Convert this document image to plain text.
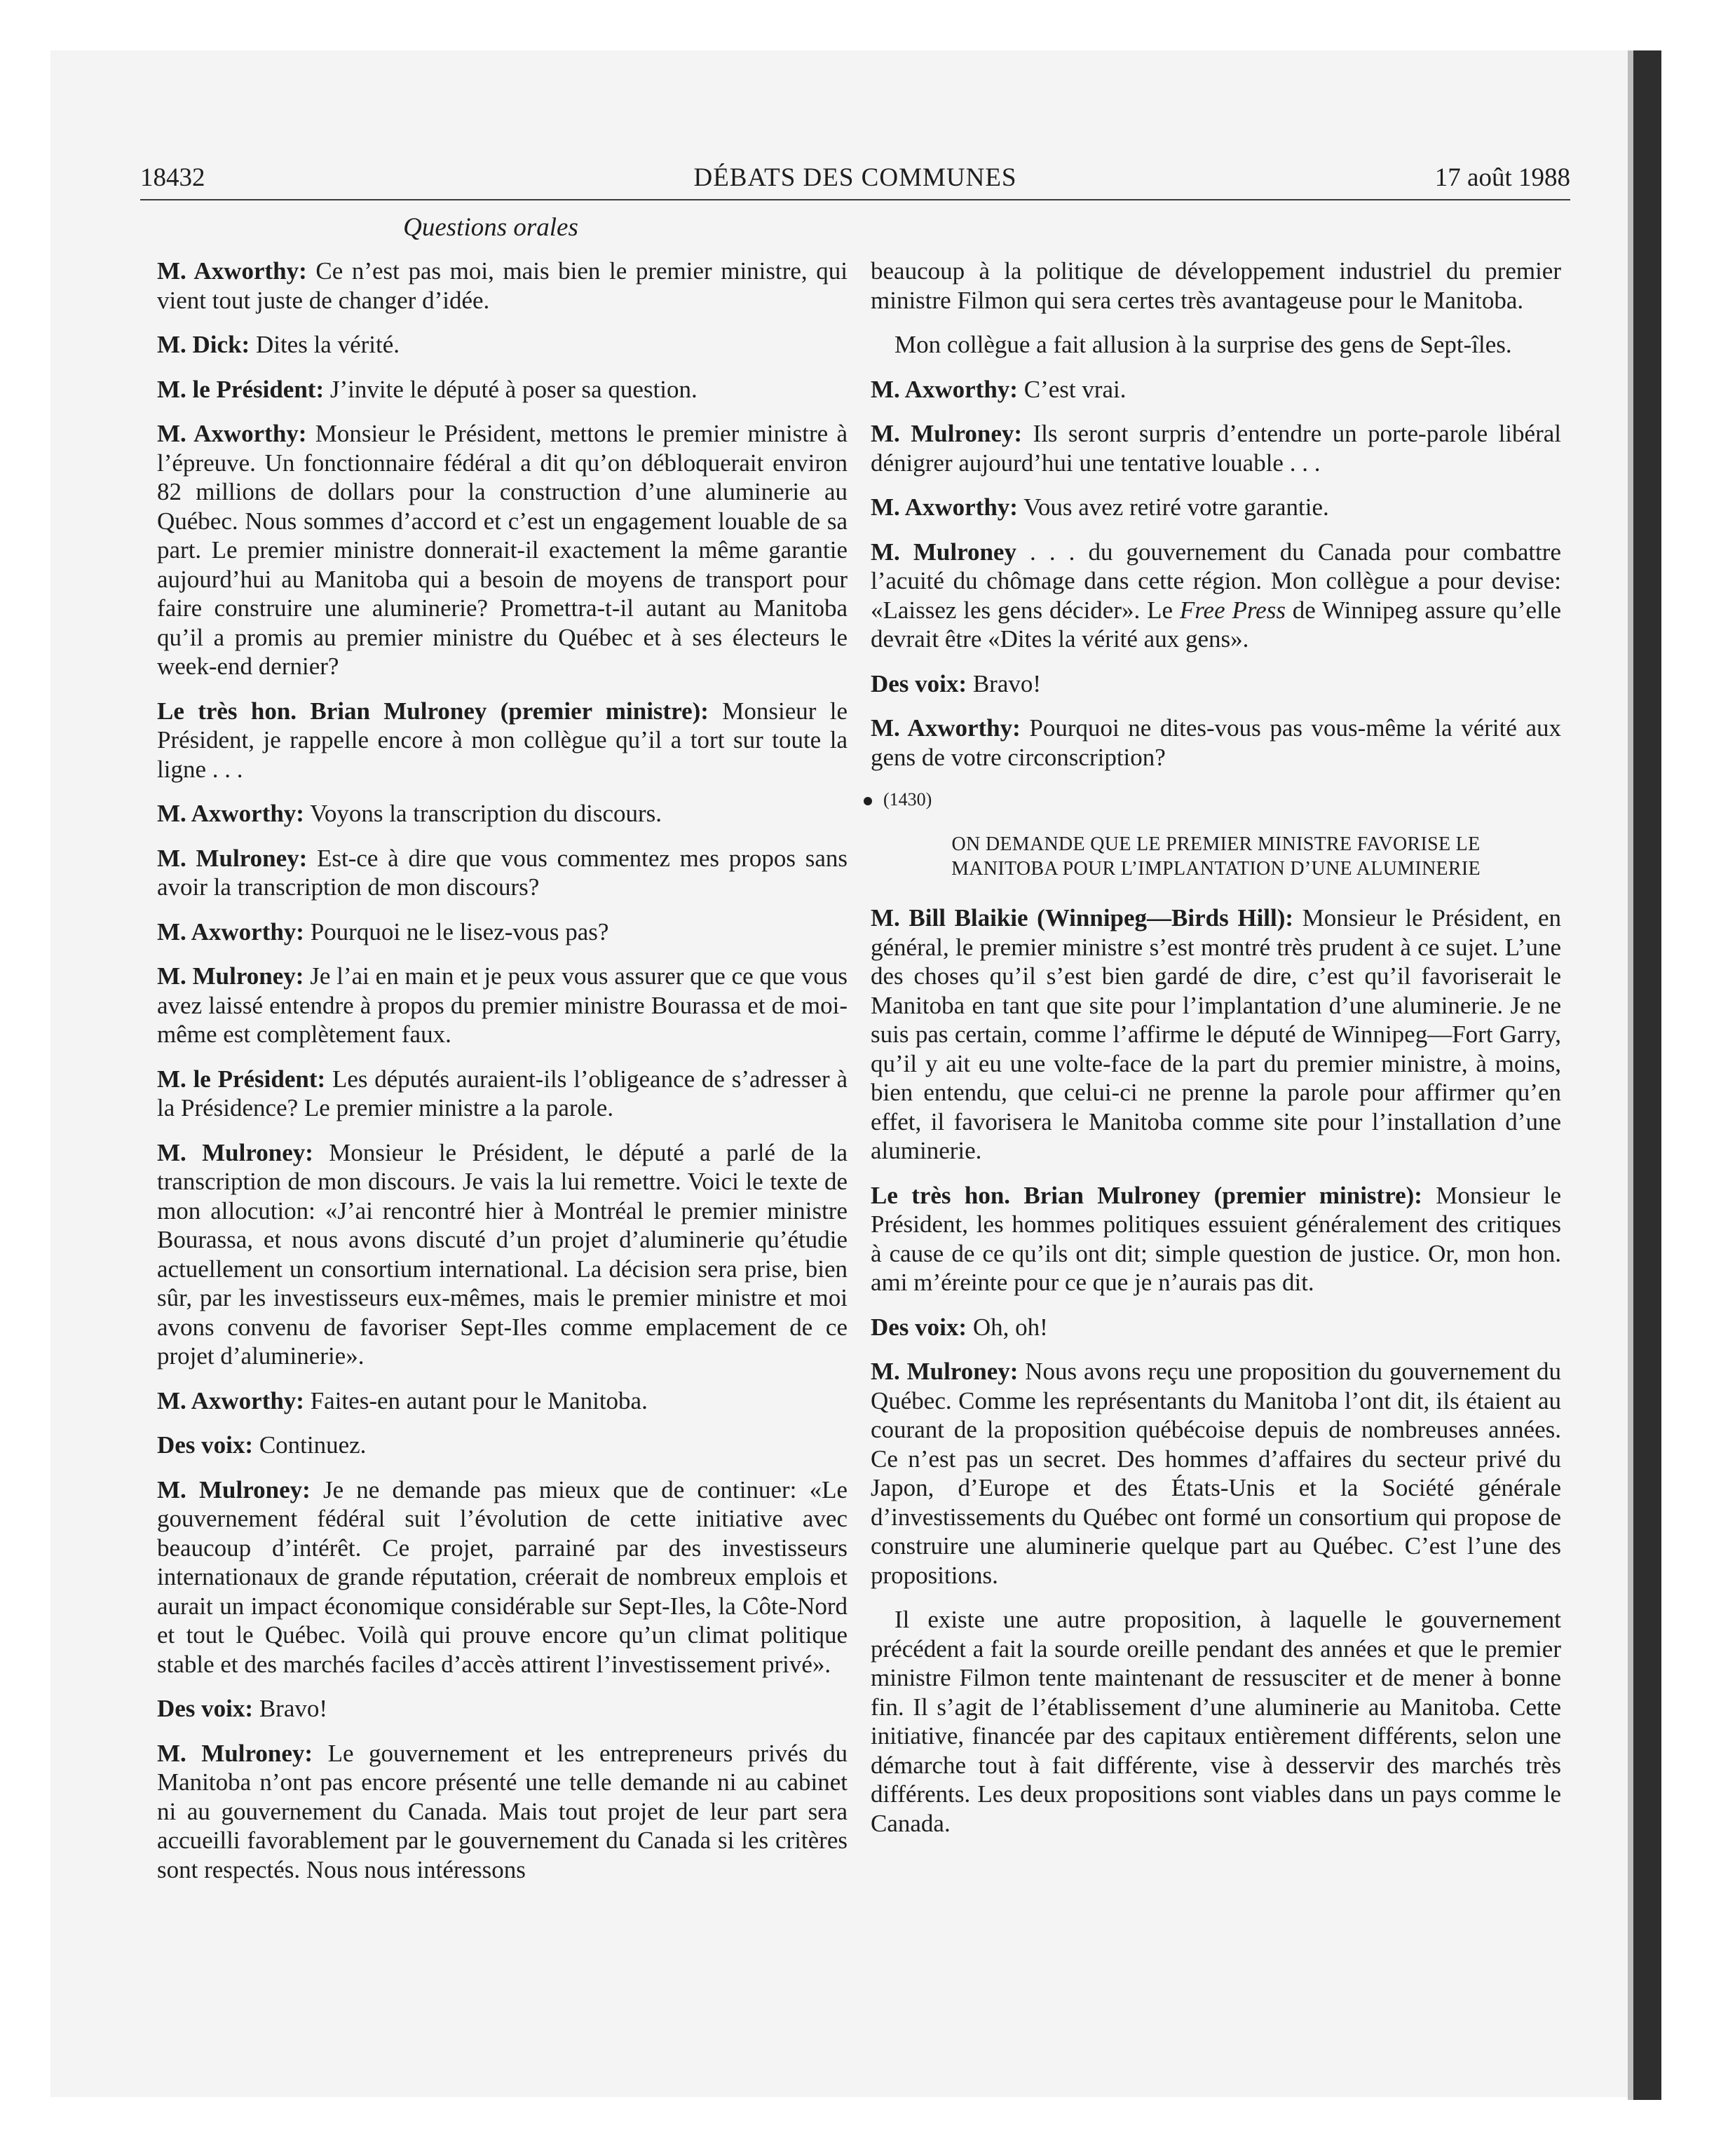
18432	DÉBATS DES COMMUNES	17 août 1988
Questions orales

M. Axworthy: Ce n’est pas moi, mais bien le premier ministre, qui vient tout juste de changer d’idée.

M. Dick: Dites la vérité.

M. le Président: J’invite le député à poser sa question.

M. Axworthy: Monsieur le Président, mettons le premier ministre à l’épreuve. Un fonctionnaire fédéral a dit qu’on débloquerait environ 82 millions de dollars pour la construction d’une aluminerie au Québec. Nous sommes d’accord et c’est un engagement louable de sa part. Le premier ministre donnerait-il exactement la même garantie aujourd’hui au Manitoba qui a besoin de moyens de transport pour faire construire une aluminerie? Promettra-t-il autant au Manitoba qu’il a promis au premier ministre du Québec et à ses électeurs le week-end dernier?

Le très hon. Brian Mulroney (premier ministre): Monsieur le Président, je rappelle encore à mon collègue qu’il a tort sur toute la ligne . . .

M. Axworthy: Voyons la transcription du discours.

M. Mulroney: Est-ce à dire que vous commentez mes propos sans avoir la transcription de mon discours?

M. Axworthy: Pourquoi ne le lisez-vous pas?

M. Mulroney: Je l’ai en main et je peux vous assurer que ce que vous avez laissé entendre à propos du premier ministre Bourassa et de moi-même est complètement faux.

M. le Président: Les députés auraient-ils l’obligeance de s’adresser à la Présidence? Le premier ministre a la parole.

M. Mulroney: Monsieur le Président, le député a parlé de la transcription de mon discours. Je vais la lui remettre. Voici le texte de mon allocution: «J’ai rencontré hier à Montréal le premier ministre Bourassa, et nous avons discuté d’un projet d’aluminerie qu’étudie actuellement un consortium international. La décision sera prise, bien sûr, par les investisseurs eux-mêmes, mais le premier ministre et moi avons convenu de favoriser Sept-Iles comme emplacement de ce projet d’aluminerie».

M. Axworthy: Faites-en autant pour le Manitoba.

Des voix: Continuez.

M. Mulroney: Je ne demande pas mieux que de continuer: «Le gouvernement fédéral suit l’évolution de cette initiative avec beaucoup d’intérêt. Ce projet, parrainé par des investisseurs internationaux de grande réputation, créerait de nombreux emplois et aurait un impact économique considérable sur Sept-Iles, la Côte-Nord et tout le Québec. Voilà qui prouve encore qu’un climat politique stable et des marchés faciles d’accès attirent l’investissement privé».

Des voix: Bravo!

M. Mulroney: Le gouvernement et les entrepreneurs privés du Manitoba n’ont pas encore présenté une telle demande ni au cabinet ni au gouvernement du Canada. Mais tout projet de leur part sera accueilli favorablement par le gouvernement du Canada si les critères sont respectés. Nous nous intéressons

beaucoup à la politique de développement industriel du premier ministre Filmon qui sera certes très avantageuse pour le Manitoba.

Mon collègue a fait allusion à la surprise des gens de Sept-îles.

M. Axworthy: C’est vrai.

M. Mulroney: Ils seront surpris d’entendre un porte-parole libéral dénigrer aujourd’hui une tentative louable . . .

M. Axworthy: Vous avez retiré votre garantie.

M. Mulroney . . . du gouvernement du Canada pour combattre l’acuité du chômage dans cette région. Mon collègue a pour devise: «Laissez les gens décider». Le Free Press de Winnipeg assure qu’elle devrait être «Dites la vérité aux gens».

Des voix: Bravo!

M. Axworthy: Pourquoi ne dites-vous pas vous-même la vérité aux gens de votre circonscription?

(1430)
ON DEMANDE QUE LE PREMIER MINISTRE FAVORISE LE
MANITOBA POUR L’IMPLANTATION D’UNE ALUMINERIE

M. Bill Blaikie (Winnipeg—Birds Hill): Monsieur le Président, en général, le premier ministre s’est montré très prudent à ce sujet. L’une des choses qu’il s’est bien gardé de dire, c’est qu’il favoriserait le Manitoba en tant que site pour l’implantation d’une aluminerie. Je ne suis pas certain, comme l’affirme le député de Winnipeg—Fort Garry, qu’il y ait eu une volte-face de la part du premier ministre, à moins, bien entendu, que celui-ci ne prenne la parole pour affirmer qu’en effet, il favorisera le Manitoba comme site pour l’installation d’une aluminerie.

Le très hon. Brian Mulroney (premier ministre): Monsieur le Président, les hommes politiques essuient généralement des critiques à cause de ce qu’ils ont dit; simple question de justice. Or, mon hon. ami m’éreinte pour ce que je n’aurais pas dit.

Des voix: Oh, oh!

M. Mulroney: Nous avons reçu une proposition du gouvernement du Québec. Comme les représentants du Manitoba l’ont dit, ils étaient au courant de la proposition québécoise depuis de nombreuses années. Ce n’est pas un secret. Des hommes d’affaires du secteur privé du Japon, d’Europe et des États-Unis et la Société générale d’investissements du Québec ont formé un consortium qui propose de construire une aluminerie quelque part au Québec. C’est l’une des propositions.

Il existe une autre proposition, à laquelle le gouvernement précédent a fait la sourde oreille pendant des années et que le premier ministre Filmon tente maintenant de ressusciter et de mener à bonne fin. Il s’agit de l’établissement d’une aluminerie au Manitoba. Cette initiative, financée par des capitaux entièrement différents, selon une démarche tout à fait différente, vise à desservir des marchés très différents. Les deux propositions sont viables dans un pays comme le Canada.
